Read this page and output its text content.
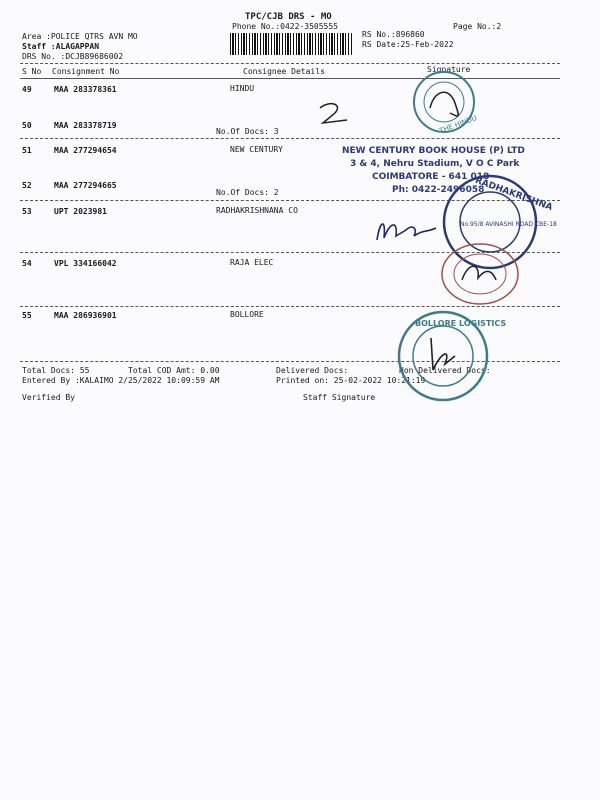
TPC/CJB DRS - MO
Phone No.:0422-3505555	Page No.:2
Area :POLICE QTRS AVN MO
Staff :ALAGAPPAN
DRS No. :DCJB89686002
RS No.:896860
RS Date:25-Feb-2022
S No Consignment No	Consignee Details	Signature
49	MAA 283378361	HINDU
50	MAA 283378719
No.Of Docs: 3
51	MAA 277294654	NEW CENTURY
52	MAA 277294665
No.Of Docs: 2
53	UPT 2023981	RADHAKRISHNANA CO
54	VPL 334166042	RAJA ELEC
55	MAA 286936901	BOLLORE
Total Docs: 55	Total COD Amt: 0.00	Delivered Docs:	Non Delivered Docs:
Entered By :KALAIMO 2/25/2022 10:09:59 AM	Printed on: 25-02-2022 10:21:19
Verified By	Staff Signature
THE HINDU
NEW CENTURY BOOK HOUSE (P) LTD
3 & 4, Nehru Stadium, V O C Park
COIMBATORE - 641 018
Ph: 0422-2496058
RADHAKRISHNA
No.95/8 AVINASHI ROAD CBE-18
BOLLORE LOGISTICS
